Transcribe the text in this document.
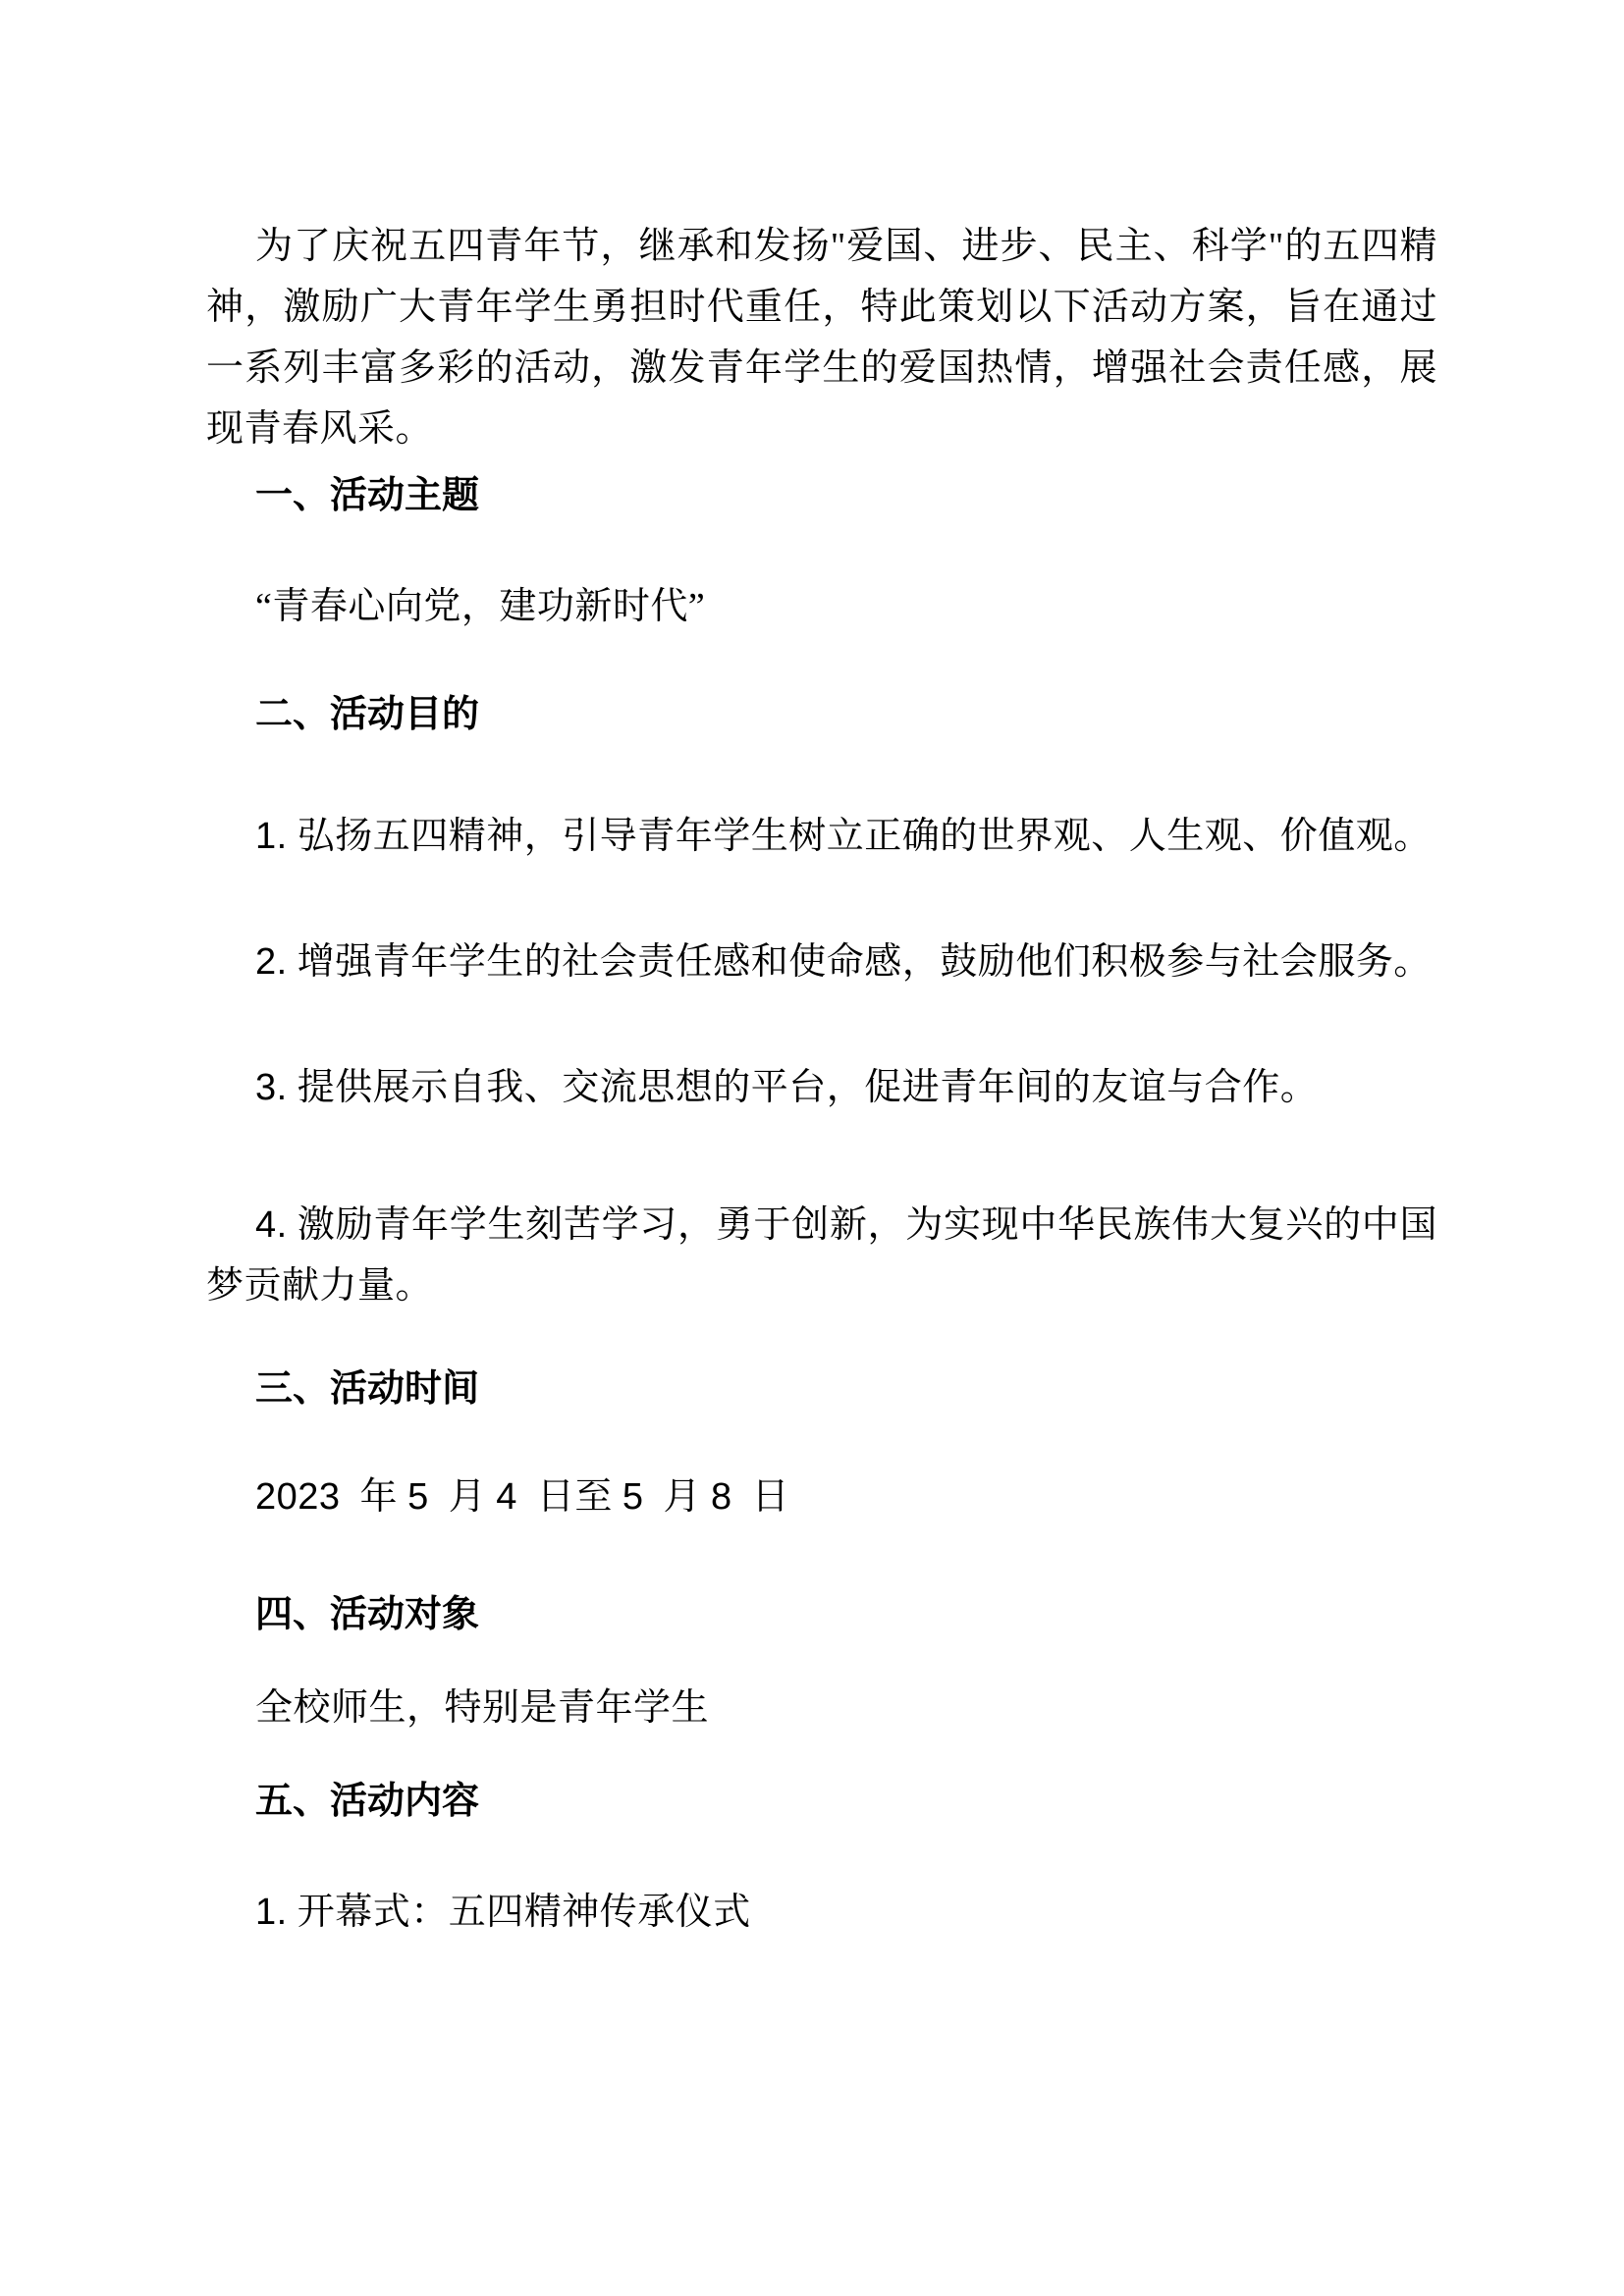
为了庆祝五四青年节，继承和发扬"爱国、进步、民主、科学"的五四精神，激励广大青年学生勇担时代重任，特此策划以下活动方案，旨在通过一系列丰富多彩的活动，激发青年学生的爱国热情，增强社会责任感，展现青春风采。

一、活动主题

“青春心向党，建功新时代”

二、活动目的

1. 弘扬五四精神，引导青年学生树立正确的世界观、人生观、价值观。

2. 增强青年学生的社会责任感和使命感，鼓励他们积极参与社会服务。

3. 提供展示自我、交流思想的平台，促进青年间的友谊与合作。

4. 激励青年学生刻苦学习，勇于创新，为实现中华民族伟大复兴的中国梦贡献力量。

三、活动时间

2023 年 5 月 4 日至 5 月 8 日

四、活动对象

全校师生，特别是青年学生

五、活动内容

1. 开幕式：五四精神传承仪式
